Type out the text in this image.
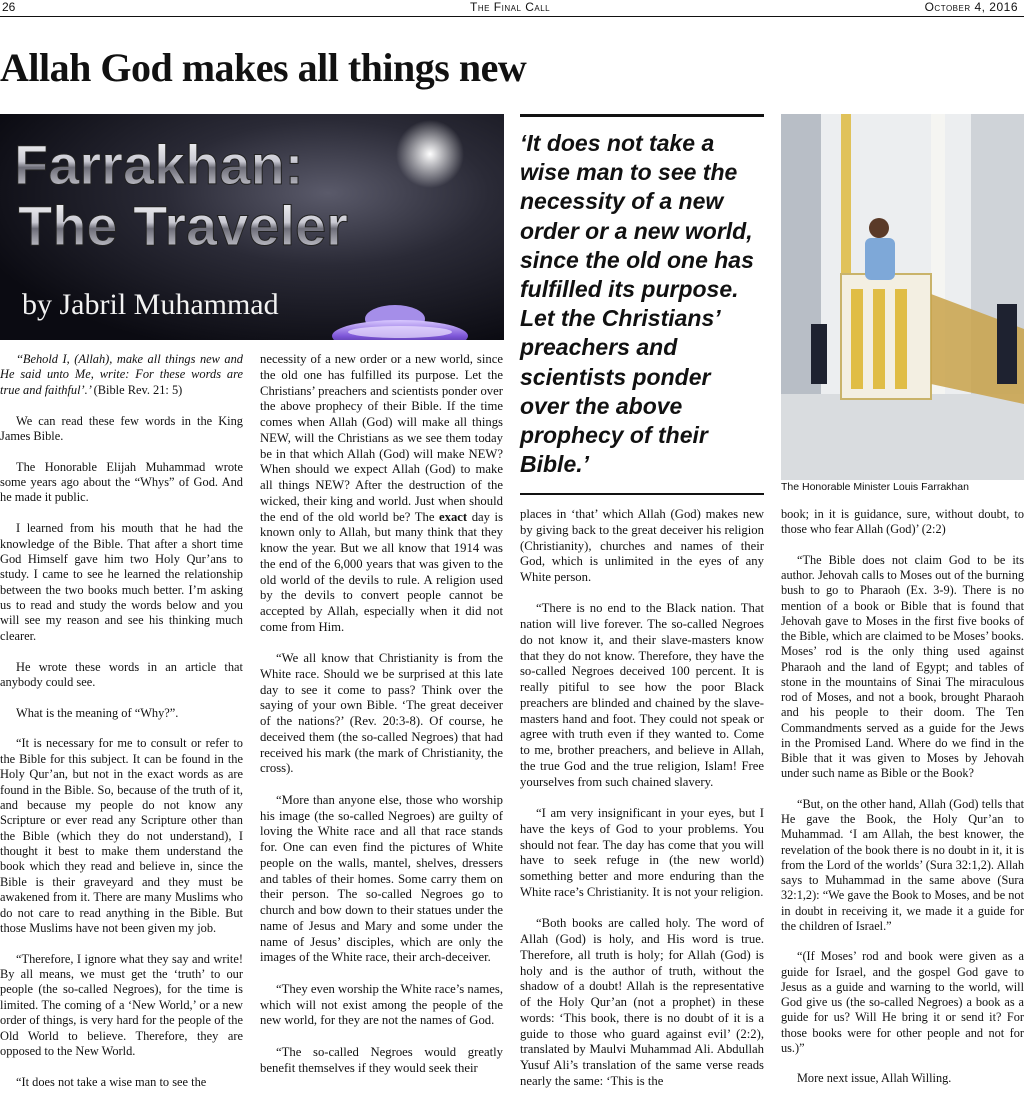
26	The Final Call	October 4, 2016
Allah God makes all things new
Farrakhan:
The Traveler
by Jabril Muhammad

‘It does not take a wise man to see the necessity of a new order or a new world, since the old one has fulfilled its purpose. Let the Christians’ preachers and scientists ponder over the above prophecy of their Bible.’

The Honorable Minister Louis Farrakhan

‘‘Behold I, (Allah), make all things new and He said unto Me, write: For these words are true and faithful’.’ (Bible Rev. 21: 5)

We can read these few words in the King James Bible.

The Honorable Elijah Muhammad wrote some years ago about the “Whys” of God. And he made it public.

I learned from his mouth that he had the knowledge of the Bible. That after a short time God Himself gave him two Holy Qur’ans to study. I came to see he learned the relationship between the two books much better. I’m asking us to read and study the words below and you will see my reason and see his thinking much clearer.

He wrote these words in an article that anybody could see.

What is the meaning of “Why?”.

“It is necessary for me to consult or refer to the Bible for this subject. It can be found in the Holy Qur’an, but not in the exact words as are found in the Bible. So, because of the truth of it, and because my people do not know any Scripture or ever read any Scripture other than the Bible (which they do not understand), I thought it best to make them understand the book which they read and believe in, since the Bible is their graveyard and they must be awakened from it. There are many Muslims who do not care to read anything in the Bible. But those Muslims have not been given my job.

“Therefore, I ignore what they say and write! By all means, we must get the ‘truth’ to our people (the so-called Negroes), for the time is limited. The coming of a ‘New World,’ or a new order of things, is very hard for the people of the Old World to believe. Therefore, they are opposed to the New World.

“It does not take a wise man to see the

necessity of a new order or a new world, since the old one has fulfilled its purpose. Let the Christians’ preachers and scientists ponder over the above prophecy of their Bible. If the time comes when Allah (God) will make all things NEW, will the Christians as we see them today be in that which Allah (God) will make NEW? When should we expect Allah (God) to make all things NEW? After the destruction of the wicked, their king and world. Just when should the end of the old world be? The exact day is known only to Allah, but many think that they know the year. But we all know that 1914 was the end of the 6,000 years that was given to the old world of the devils to rule. A religion used by the devils to convert people cannot be accepted by Allah, especially when it did not come from Him.

“We all know that Christianity is from the White race. Should we be surprised at this late day to see it come to pass? Think over the saying of your own Bible. ‘The great deceiver of the nations?’ (Rev. 20:3-8). Of course, he deceived them (the so-called Negroes) that had received his mark (the mark of Christianity, the cross).

“More than anyone else, those who worship his image (the so-called Negroes) are guilty of loving the White race and all that race stands for. One can even find the pictures of White people on the walls, mantel, shelves, dressers and tables of their homes. Some carry them on their person. The so-called Negroes go to church and bow down to their statues under the name of Jesus and Mary and some under the name of Jesus’ disciples, which are only the images of the White race, their arch-deceiver.

“They even worship the White race’s names, which will not exist among the people of the new world, for they are not the names of God.

“The so-called Negroes would greatly benefit themselves if they would seek their

places in ‘that’ which Allah (God) makes new by giving back to the great deceiver his religion (Christianity), churches and names of their God, which is unlimited in the eyes of any White person.

“There is no end to the Black nation. That nation will live forever. The so-called Negroes do not know it, and their slave-masters know that they do not know. Therefore, they have the so-called Negroes deceived 100 percent. It is really pitiful to see how the poor Black preachers are blinded and chained by the slave-masters hand and foot. They could not speak or agree with truth even if they wanted to. Come to me, brother preachers, and believe in Allah, the true God and the true religion, Islam! Free yourselves from such chained slavery.

“I am very insignificant in your eyes, but I have the keys of God to your problems. You should not fear. The day has come that you will have to seek refuge in (the new world) something better and more enduring than the White race’s Christianity. It is not your religion.

“Both books are called holy. The word of Allah (God) is holy, and His word is true. Therefore, all truth is holy; for Allah (God) is holy and is the author of truth, without the shadow of a doubt! Allah is the representative of the Holy Qur’an (not a prophet) in these words: ‘This book, there is no doubt of it is a guide to those who guard against evil’ (2:2), translated by Maulvi Muhammad Ali. Abdullah Yusuf Ali’s translation of the same verse reads nearly the same: ‘This is the

book; in it is guidance, sure, without doubt, to those who fear Allah (God)’ (2:2)

“The Bible does not claim God to be its author. Jehovah calls to Moses out of the burning bush to go to Pharaoh (Ex. 3-9). There is no mention of a book or Bible that is found that Jehovah gave to Moses in the first five books of the Bible, which are claimed to be Moses’ books. Moses’ rod is the only thing used against Pharaoh and the land of Egypt; and tables of stone in the mountains of Sinai The miraculous rod of Moses, and not a book, brought Pharaoh and his people to their doom. The Ten Commandments served as a guide for the Jews in the Promised Land. Where do we find in the Bible that it was given to Moses by Jehovah under such name as Bible or the Book?

“But, on the other hand, Allah (God) tells that He gave the Book, the Holy Qur’an to Muhammad. ‘I am Allah, the best knower, the revelation of the book there is no doubt in it, it is from the Lord of the worlds’ (Sura 32:1,2). Allah says to Muhammad in the same above (Sura 32:1,2): “We gave the Book to Moses, and be not in doubt in receiving it, we made it a guide for the children of Israel.”

“(If Moses’ rod and book were given as a guide for Israel, and the gospel God gave to Jesus as a guide and warning to the world, will God give us (the so-called Negroes) a book as a guide for us? Will He bring it or send it? For those books were for other people and not for us.)”

More next issue, Allah Willing.
